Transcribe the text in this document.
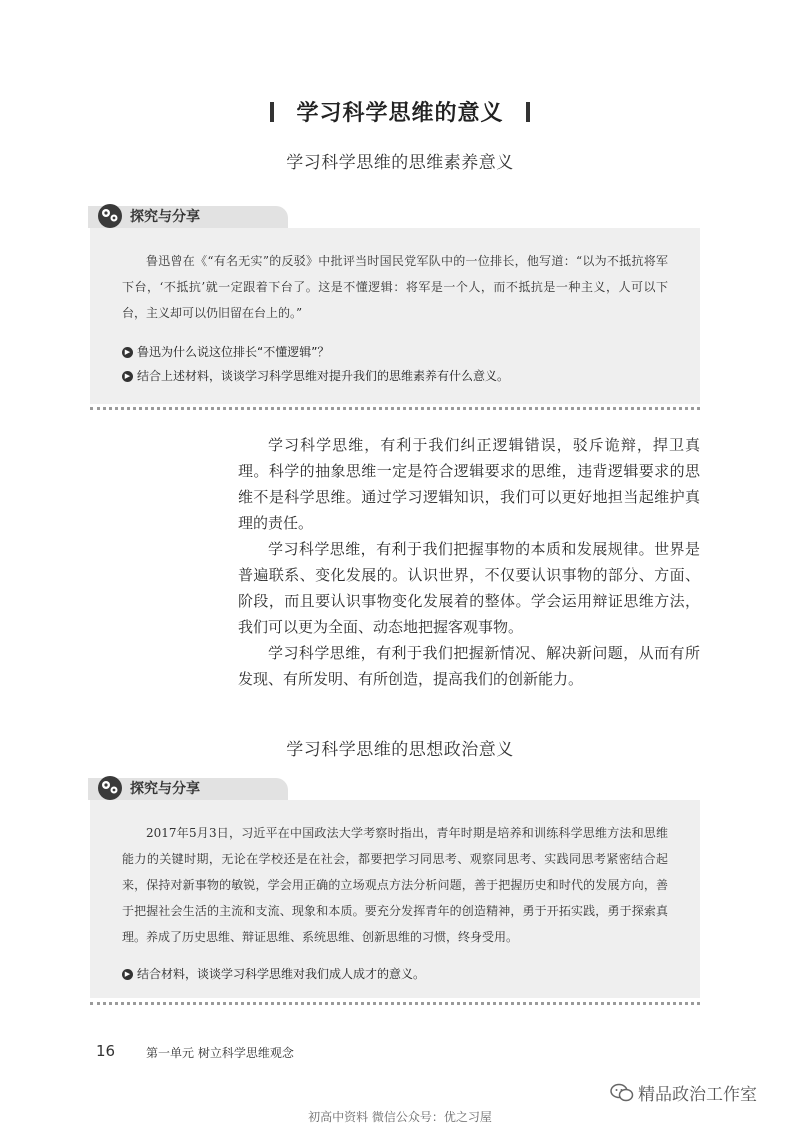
学习科学思维的意义
学习科学思维的思维素养意义
探究与分享

鲁迅曾在《“有名无实”的反驳》中批评当时国民党军队中的一位排长，他写道：“以为不抵抗将军下台，‘不抵抗’就一定跟着下台了。这是不懂逻辑：将军是一个人，而不抵抗是一种主义，人可以下台，主义却可以仍旧留在台上的。”

▶ 鲁迅为什么说这位排长“不懂逻辑”？
▶ 结合上述材料，谈谈学习科学思维对提升我们的思维素养有什么意义。

学习科学思维，有利于我们纠正逻辑错误，驳斥诡辩，捍卫真理。科学的抽象思维一定是符合逻辑要求的思维，违背逻辑要求的思维不是科学思维。通过学习逻辑知识，我们可以更好地担当起维护真理的责任。

学习科学思维，有利于我们把握事物的本质和发展规律。世界是普遍联系、变化发展的。认识世界，不仅要认识事物的部分、方面、阶段，而且要认识事物变化发展着的整体。学会运用辩证思维方法，我们可以更为全面、动态地把握客观事物。

学习科学思维，有利于我们把握新情况、解决新问题，从而有所发现、有所发明、有所创造，提高我们的创新能力。

学习科学思维的思想政治意义
探究与分享

2017年5月3日，习近平在中国政法大学考察时指出，青年时期是培养和训练科学思维方法和思维能力的关键时期，无论在学校还是在社会，都要把学习同思考、观察同思考、实践同思考紧密结合起来，保持对新事物的敏锐，学会用正确的立场观点方法分析问题，善于把握历史和时代的发展方向，善于把握社会生活的主流和支流、现象和本质。要充分发挥青年的创造精神，勇于开拓实践，勇于探索真理。养成了历史思维、辩证思维、系统思维、创新思维的习惯，终身受用。

▶ 结合材料，谈谈学习科学思维对我们成人成才的意义。
16	第一单元 树立科学思维观念
精品政治工作室
初高中资料 微信公众号：优之习屋
